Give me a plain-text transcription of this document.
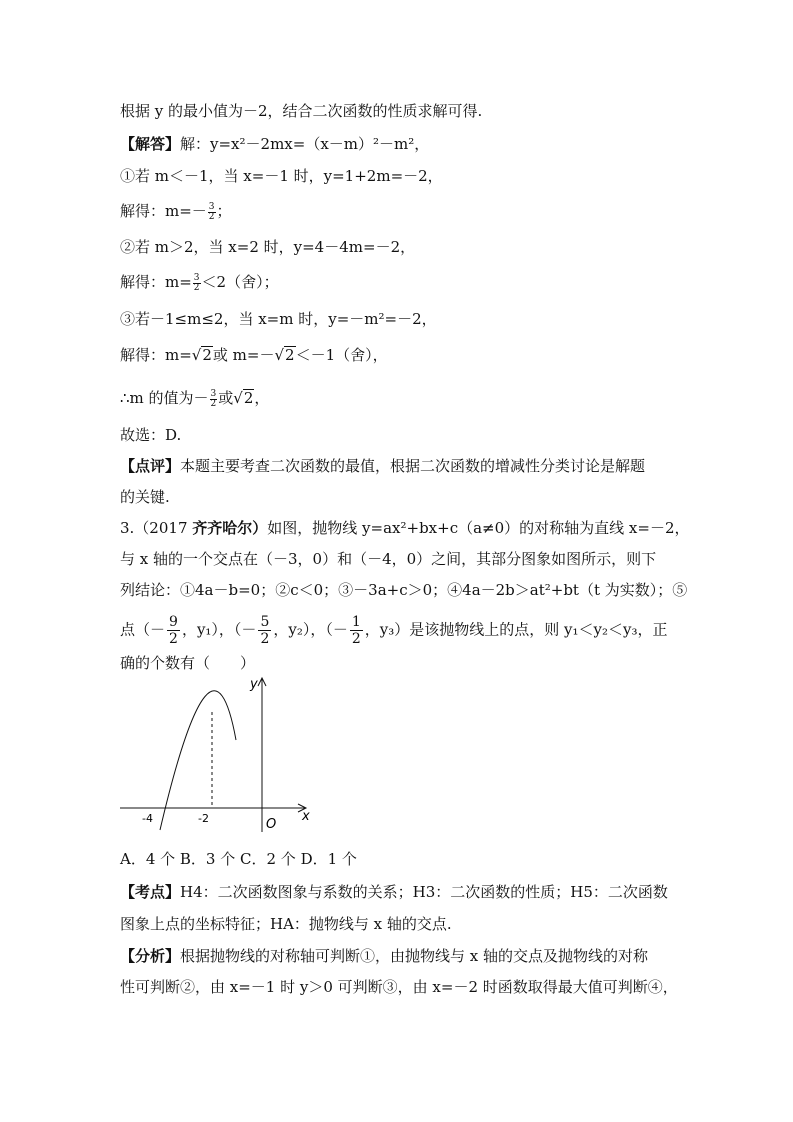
根据 y 的最小值为－2，结合二次函数的性质求解可得.
【解答】解：y=x²－2mx=（x－m）²－m²，
①若 m＜－1，当 x=－1 时，y=1+2m=－2，
解得：$m=- \frac{3}{2}$ ；
②若 m＞2，当 x=2 时，y=4－4m=－2，
解得：$m= \frac{3}{2} <2$（舍）；
③若－1≤m≤2，当 x=m 时，y=－m²=－2，
解得：m=√2或 m=－√2＜－1（舍），
∴m 的值为－ $\frac{3}{2}$ 或√2，
故选：D.
【点评】本题主要考查二次函数的最值，根据二次函数的增减性分类讨论是解题
的关键.
3.（2017 齐齐哈尔）如图，抛物线 y=ax²+bx+c（a≠0）的对称轴为直线 x=－2，
与 x 轴的一个交点在（－3，0）和（－4，0）之间，其部分图象如图所示，则下
列结论：①4a－b=0；②c＜0；③－3a+c＞0；④4a－2b＞at²+bt（t 为实数）；⑤
点（－ $\frac{9}{2}$ ，y₁），（－ $\frac{5}{2}$ ，y₂），（－ $\frac{1}{2}$ ，y₃）是该抛物线上的点，则 y₁＜y₂＜y₃，正
确的个数有（　　）
y
x
O
-4	-2
A．4 个 B．3 个 C．2 个 D．1 个
【考点】H4：二次函数图象与系数的关系；H3：二次函数的性质；H5：二次函数
图象上点的坐标特征；HA：抛物线与 x 轴的交点.
【分析】根据抛物线的对称轴可判断①，由抛物线与 x 轴的交点及抛物线的对称
性可判断②，由 x=－1 时 y＞0 可判断③，由 x=－2 时函数取得最大值可判断④，
